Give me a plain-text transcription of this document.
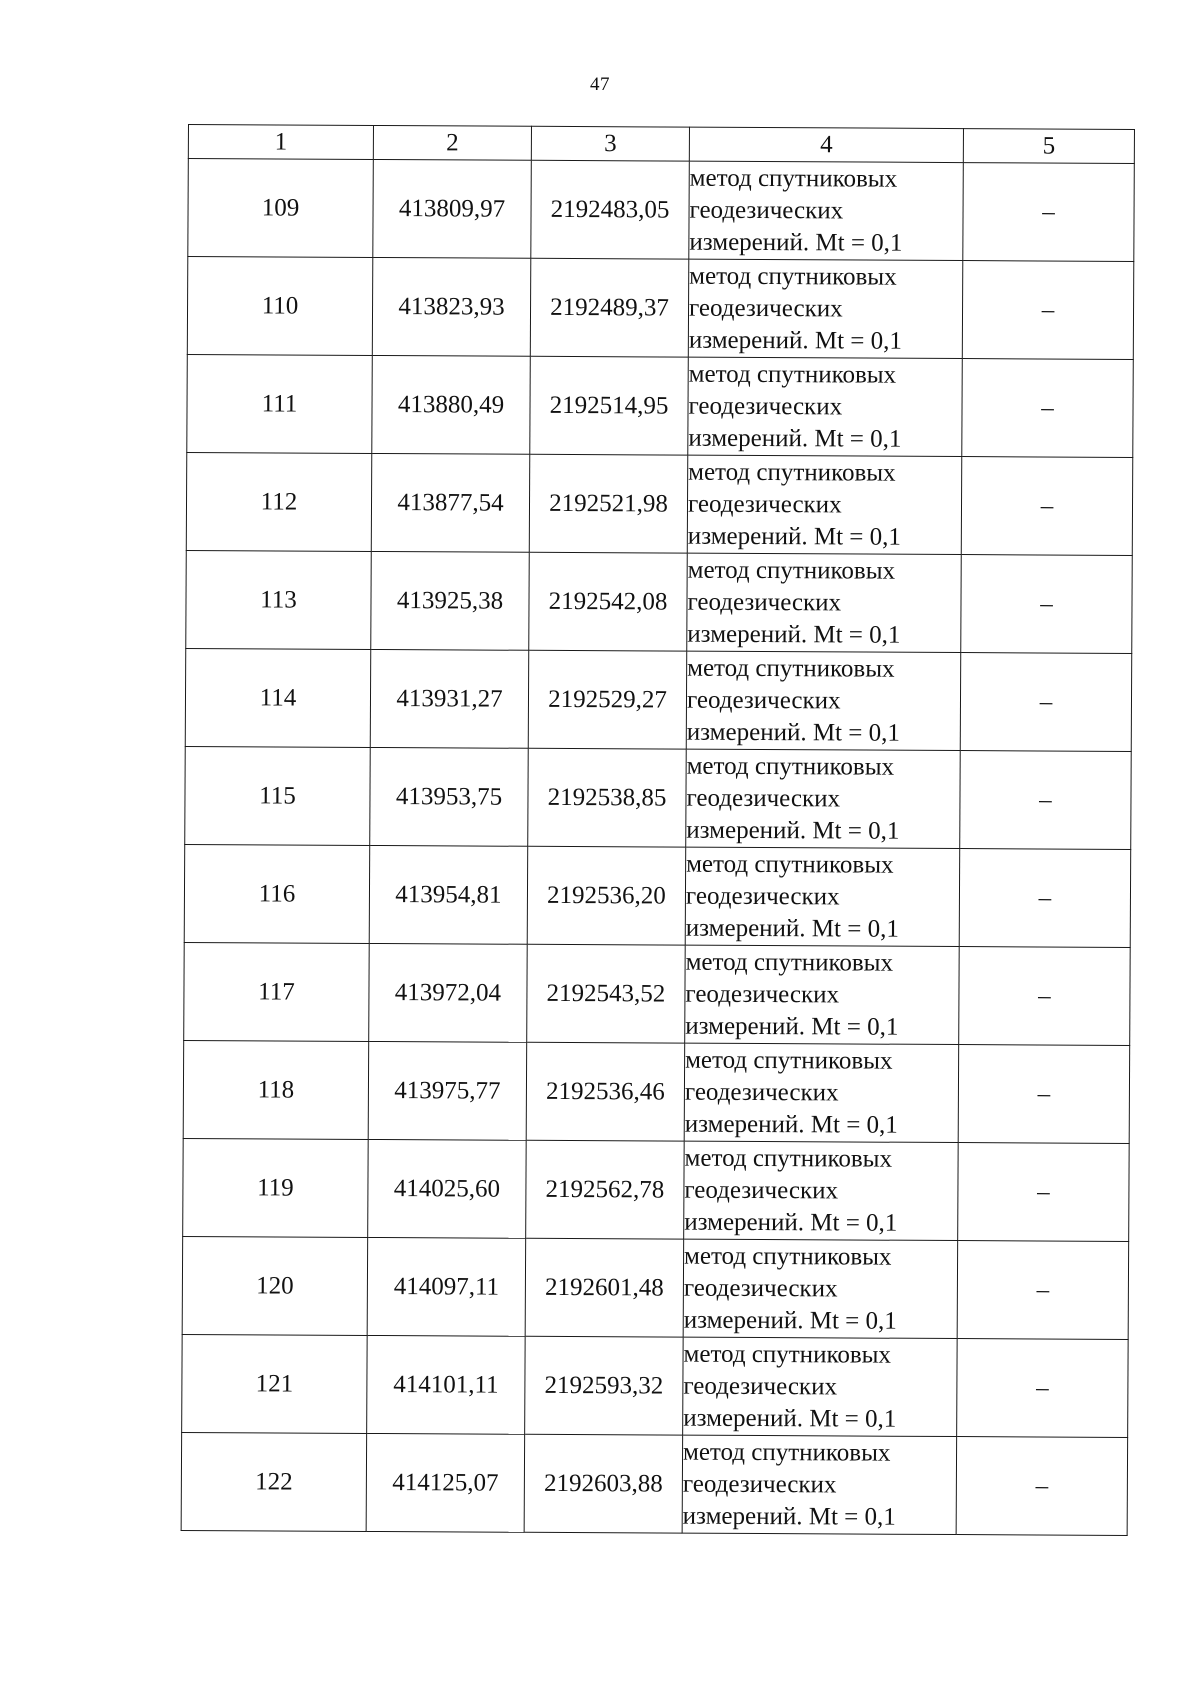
47
1	2	3	4	5
109	413809,97	2192483,05	метод спутниковых
геодезических
измерений. Mt = 0,1	–
110	413823,93	2192489,37	метод спутниковых
геодезических
измерений. Mt = 0,1	–
111	413880,49	2192514,95	метод спутниковых
геодезических
измерений. Mt = 0,1	–
112	413877,54	2192521,98	метод спутниковых
геодезических
измерений. Mt = 0,1	–
113	413925,38	2192542,08	метод спутниковых
геодезических
измерений. Mt = 0,1	–
114	413931,27	2192529,27	метод спутниковых
геодезических
измерений. Mt = 0,1	–
115	413953,75	2192538,85	метод спутниковых
геодезических
измерений. Mt = 0,1	–
116	413954,81	2192536,20	метод спутниковых
геодезических
измерений. Mt = 0,1	–
117	413972,04	2192543,52	метод спутниковых
геодезических
измерений. Mt = 0,1	–
118	413975,77	2192536,46	метод спутниковых
геодезических
измерений. Mt = 0,1	–
119	414025,60	2192562,78	метод спутниковых
геодезических
измерений. Mt = 0,1	–
120	414097,11	2192601,48	метод спутниковых
геодезических
измерений. Mt = 0,1	–
121	414101,11	2192593,32	метод спутниковых
геодезических
измерений. Mt = 0,1	–
122	414125,07	2192603,88	метод спутниковых
геодезических
измерений. Mt = 0,1	–
